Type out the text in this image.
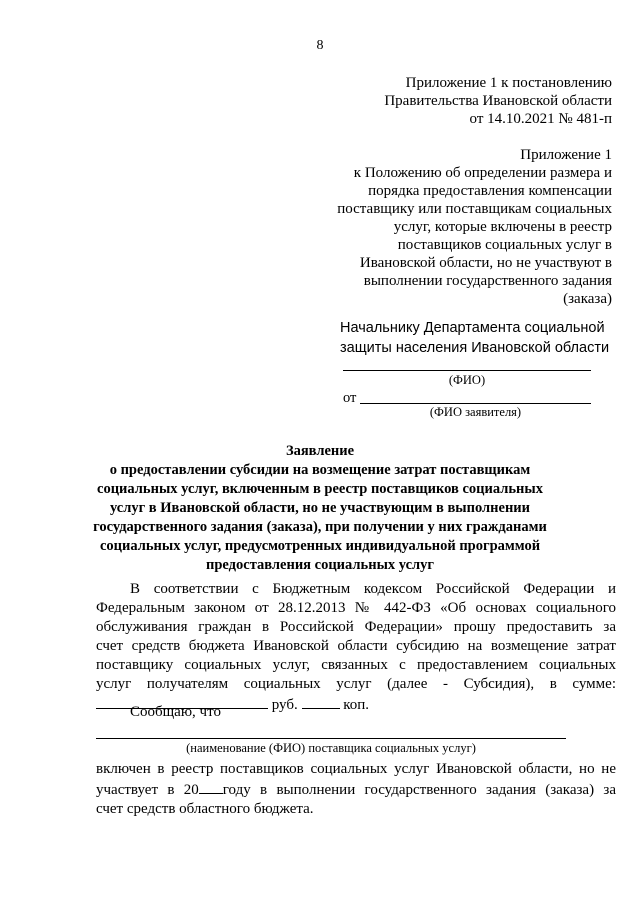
8
Приложение 1 к постановлению
Правительства Ивановской области
от 14.10.2021 № 481-п
Приложение 1
к Положению об определении размера и
порядка предоставления компенсации
поставщику или поставщикам социальных
услуг, которые включены в реестр
поставщиков социальных услуг в
Ивановской области, но не участвуют в
выполнении государственного задания
(заказа)
Начальнику Департамента социальной
защиты населения Ивановской области
(ФИО)
от
(ФИО заявителя)
Заявление
о предоставлении субсидии на возмещение затрат поставщикам
социальных услуг, включенным в реестр поставщиков социальных
услуг в Ивановской области, но не участвующим в выполнении
государственного задания (заказа), при получении у них гражданами
социальных услуг, предусмотренных индивидуальной программой
предоставления социальных услуг
В соответствии с Бюджетным кодексом Российской Федерации и
Федеральным законом от 28.12.2013 № 442-ФЗ «Об основах социального
обслуживания граждан в Российской Федерации» прошу предоставить за
счет средств бюджета Ивановской области субсидию на возмещение затрат
поставщику социальных услуг, связанных с предоставлением социальных
услуг получателям социальных услуг (далее - Субсидия), в сумме:
руб.	коп.
Сообщаю, что
(наименование (ФИО) поставщика социальных услуг)
включен в реестр поставщиков социальных услуг Ивановской области, но не
участвует в 20 году в выполнении государственного задания (заказа) за
счет средств областного бюджета.
